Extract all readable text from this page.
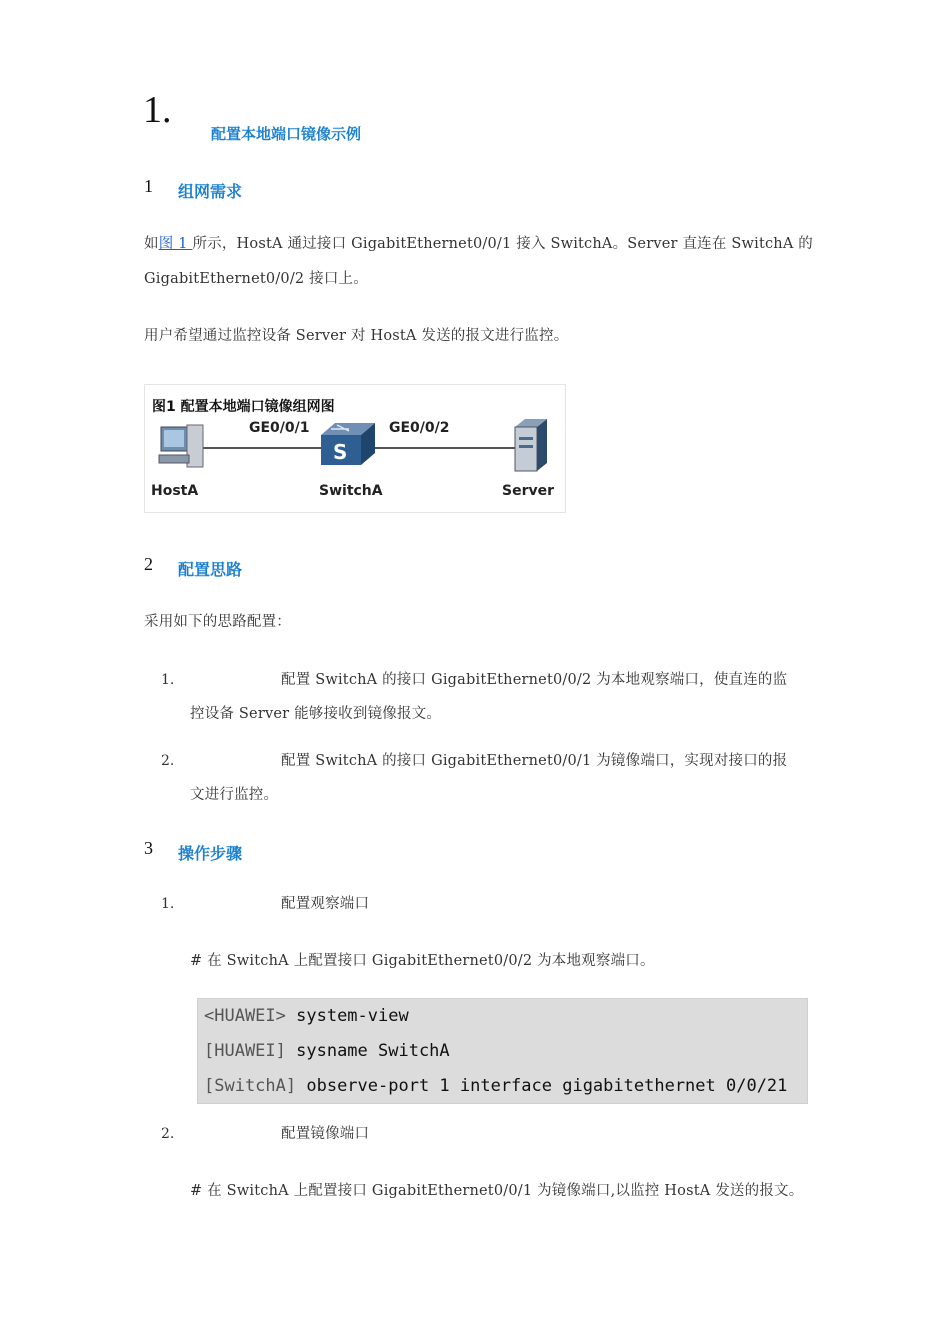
1.
配置本地端口镜像示例
1 组网需求
如图 1 所示，HostA 通过接口 GigabitEthernet0/0/1 接入 SwitchA。Server 直连在 SwitchA 的
GigabitEthernet0/0/2 接口上。
用户希望通过监控设备 Server 对 HostA 发送的报文进行监控。
图1 配置本地端口镜像组网图
GE0/0/1	GE0/0/2
S
HostA	SwitchA	Server
2 配置思路
采用如下的思路配置：
1.	配置 SwitchA 的接口 GigabitEthernet0/0/2 为本地观察端口，使直连的监
控设备 Server 能够接收到镜像报文。
2.	配置 SwitchA 的接口 GigabitEthernet0/0/1 为镜像端口，实现对接口的报
文进行监控。
3 操作步骤
1.	配置观察端口
# 在 SwitchA 上配置接口 GigabitEthernet0/0/2 为本地观察端口。
<HUAWEI> system-view
[HUAWEI] sysname SwitchA
[SwitchA] observe-port 1 interface gigabitethernet 0/0/21
2.	配置镜像端口
# 在 SwitchA 上配置接口 GigabitEthernet0/0/1 为镜像端口,以监控 HostA 发送的报文。
